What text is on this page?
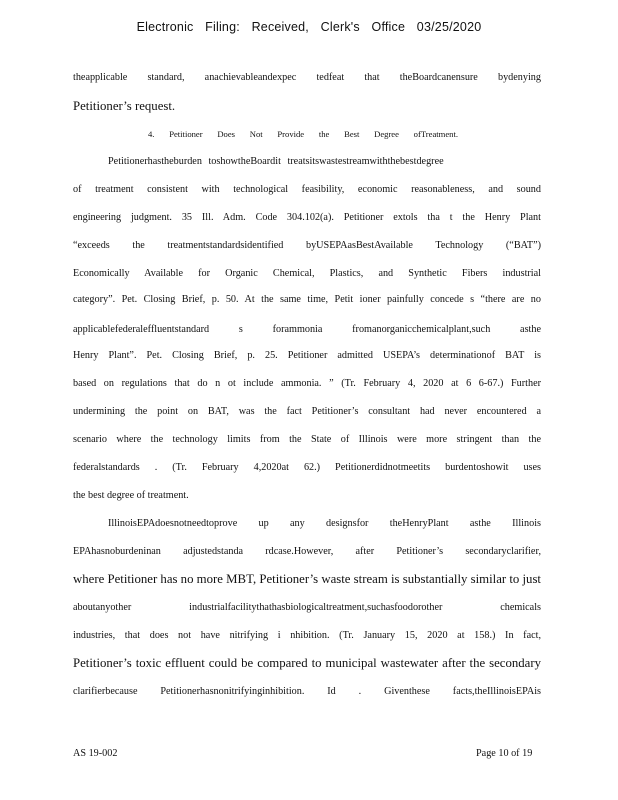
Electronic Filing: Received, Clerk's Office 03/25/2020
theapplicable standard, anachievableandexpec tedfeat that theBoardcanensure bydenying
Petitioner’s request.
4. Petitioner Does Not Provide the Best Degree ofTreatment.
Petitionerhastheburden toshowtheBoardit treatsitswastestreamwiththebestdegree
of treatment consistent with technological feasibility, economic reasonableness, and sound
engineering judgment. 35 Ill. Adm. Code 304.102(a). Petitioner extols tha t the Henry Plant
“exceeds the treatmentstandardsidentified byUSEPAasBestAvailable Technology (“BAT”)
Economically Available for Organic Chemical, Plastics, and Synthetic Fibers industrial
category”. Pet. Closing Brief, p. 50. At the same time, Petit ioner painfully concede s “there are no
applicablefederaleffluentstandard s forammonia fromanorganicchemicalplant,such asthe
Henry Plant”. Pet. Closing Brief, p. 25. Petitioner admitted USEPA’s determinationof BAT is
based on regulations that do n ot include ammonia. ” (Tr. February 4, 2020 at 6 6-67.) Further
undermining the point on BAT, was the fact Petitioner’s consultant had never encountered a
scenario where the technology limits from the State of Illinois were more stringent than the
federalstandards . (Tr. February 4,2020at 62.) Petitionerdidnotmeetits burdentoshowit uses
the best degree of treatment.
IllinoisEPAdoesnotneedtoprove up any designsfor theHenryPlant asthe Illinois
EPAhasnoburdeninan adjustedstanda rdcase.However, after Petitioner’s secondaryclarifier,
where Petitioner has no more MBT, Petitioner’s waste stream is substantially similar to just
aboutanyother industrialfacilitythathasbiologicaltreatment,suchasfoodorother chemicals
industries, that does not have nitrifying i nhibition. (Tr. January 15, 2020 at 158.) In fact,
Petitioner’s toxic effluent could be compared to municipal wastewater after the secondary
clarifierbecause Petitionerhasnonitrifyinginhibition. Id . Giventhese facts,theIllinoisEPAis
AS 19-002	Page 10 of 19
